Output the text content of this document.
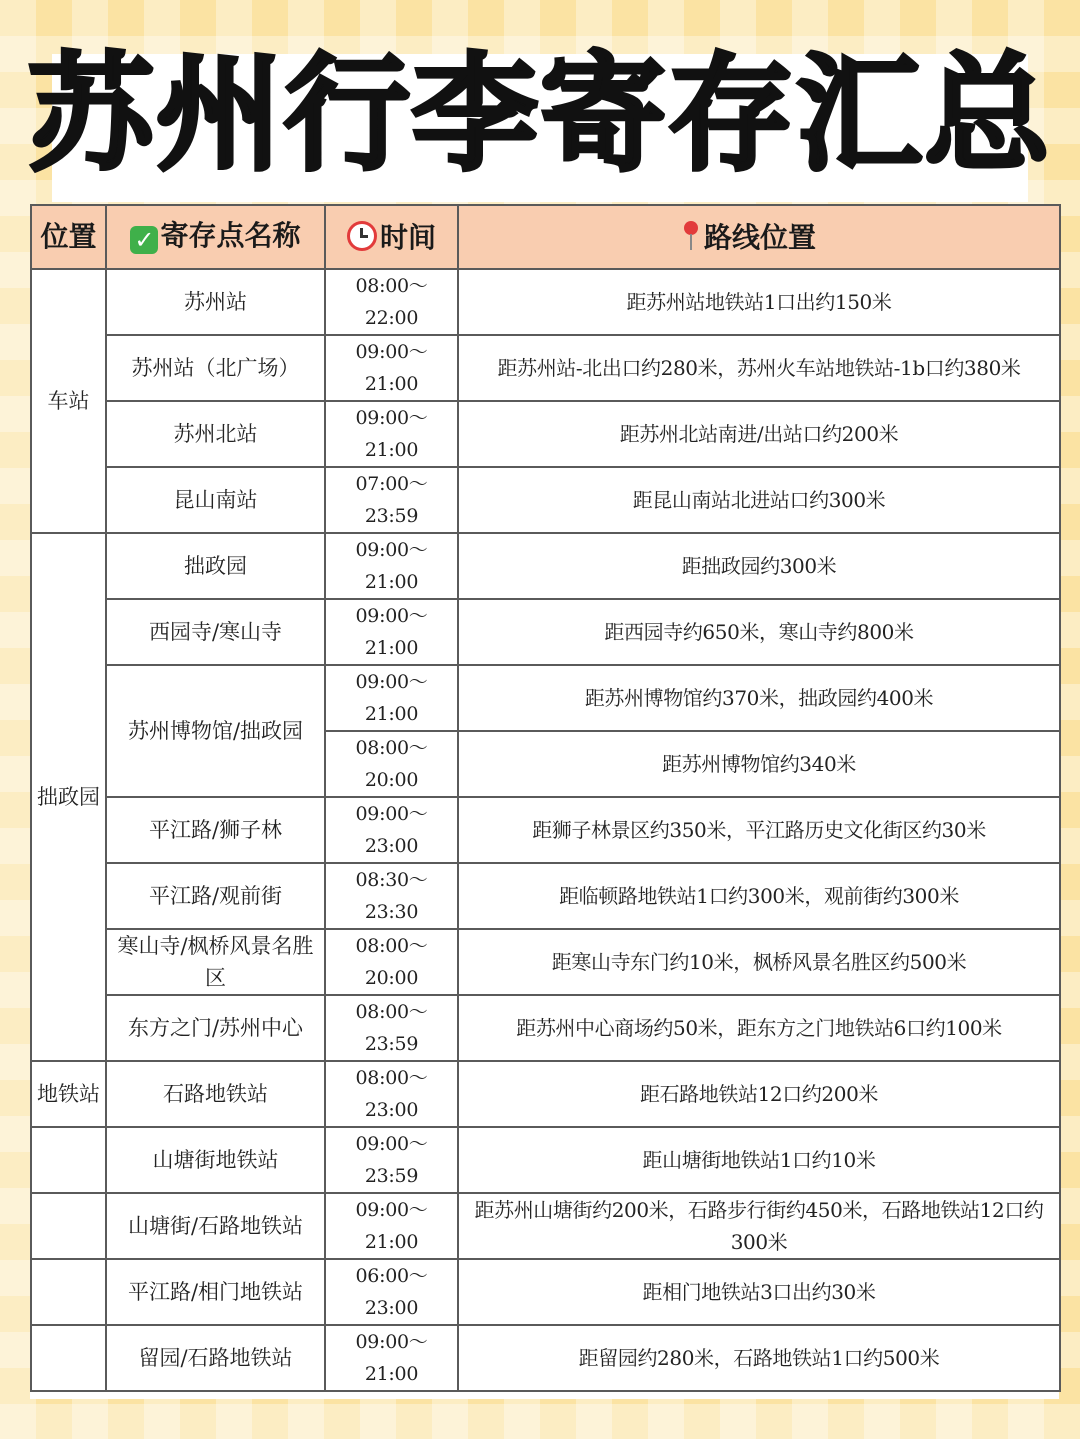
苏州行李寄存汇总
位置	✓ 寄存点名称	时间	路线位置
车站	苏州站	08:00～22:00	距苏州站地铁站1口出约150米
	苏州站（北广场）	09:00～21:00	距苏州站-北出口约280米，苏州火车站地铁站-1b口约380米
	苏州北站	09:00～21:00	距苏州北站南进/出站口约200米
	昆山南站	07:00～23:59	距昆山南站北进站口约300米
拙政园	拙政园	09:00～21:00	距拙政园约300米
	西园寺/寒山寺	09:00～21:00	距西园寺约650米，寒山寺约800米
	苏州博物馆/拙政园	09:00～21:00	距苏州博物馆约370米，拙政园约400米
		08:00～20:00	距苏州博物馆约340米
	平江路/狮子林	09:00～23:00	距狮子林景区约350米，平江路历史文化街区约30米
	平江路/观前街	08:30～23:30	距临顿路地铁站1口约300米，观前街约300米
	寒山寺/枫桥风景名胜区	08:00～20:00	距寒山寺东门约10米，枫桥风景名胜区约500米
	东方之门/苏州中心	08:00～23:59	距苏州中心商场约50米，距东方之门地铁站6口约100米
地铁站	石路地铁站	08:00～23:00	距石路地铁站12口约200米
	山塘街地铁站	09:00～23:59	距山塘街地铁站1口约10米
	山塘街/石路地铁站	09:00～21:00	距苏州山塘街约200米，石路步行街约450米，石路地铁站12口约300米
	平江路/相门地铁站	06:00～23:00	距相门地铁站3口出约30米
	留园/石路地铁站	09:00～21:00	距留园约280米，石路地铁站1口约500米
